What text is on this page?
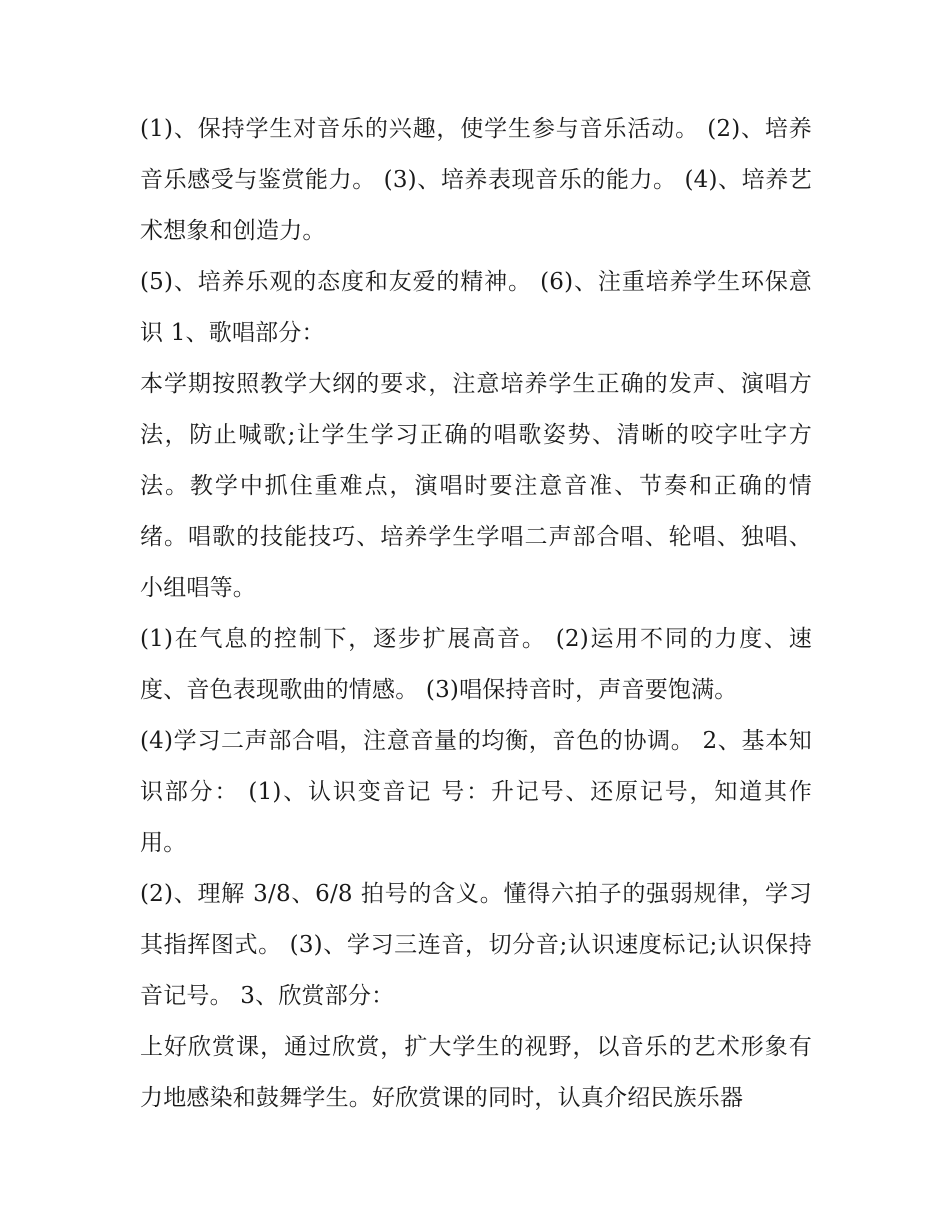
(1)、保持学生对音乐的兴趣，使学生参与音乐活动。 (2)、培养音乐感受与鉴赏能力。 (3)、培养表现音乐的能力。 (4)、培养艺术想象和创造力。

(5)、培养乐观的态度和友爱的精神。 (6)、注重培养学生环保意识 1、歌唱部分：

本学期按照教学大纲的要求，注意培养学生正确的发声、演唱方法，防止喊歌;让学生学习正确的唱歌姿势、清晰的咬字吐字方法。教学中抓住重难点，演唱时要注意音准、节奏和正确的情绪。唱歌的技能技巧、培养学生学唱二声部合唱、轮唱、独唱、小组唱等。

(1)在气息的控制下，逐步扩展高音。 (2)运用不同的力度、速度、音色表现歌曲的情感。 (3)唱保持音时，声音要饱满。

(4)学习二声部合唱，注意音量的均衡，音色的协调。 2、基本知识部分： (1)、认识变音记 号：升记号、还原记号，知道其作用。

(2)、理解 3/8、6/8 拍号的含义。懂得六拍子的强弱规律，学习其指挥图式。 (3)、学习三连音，切分音;认识速度标记;认识保持音记号。 3、欣赏部分：

上好欣赏课，通过欣赏，扩大学生的视野，以音乐的艺术形象有力地感染和鼓舞学生。好欣赏课的同时，认真介绍民族乐器
